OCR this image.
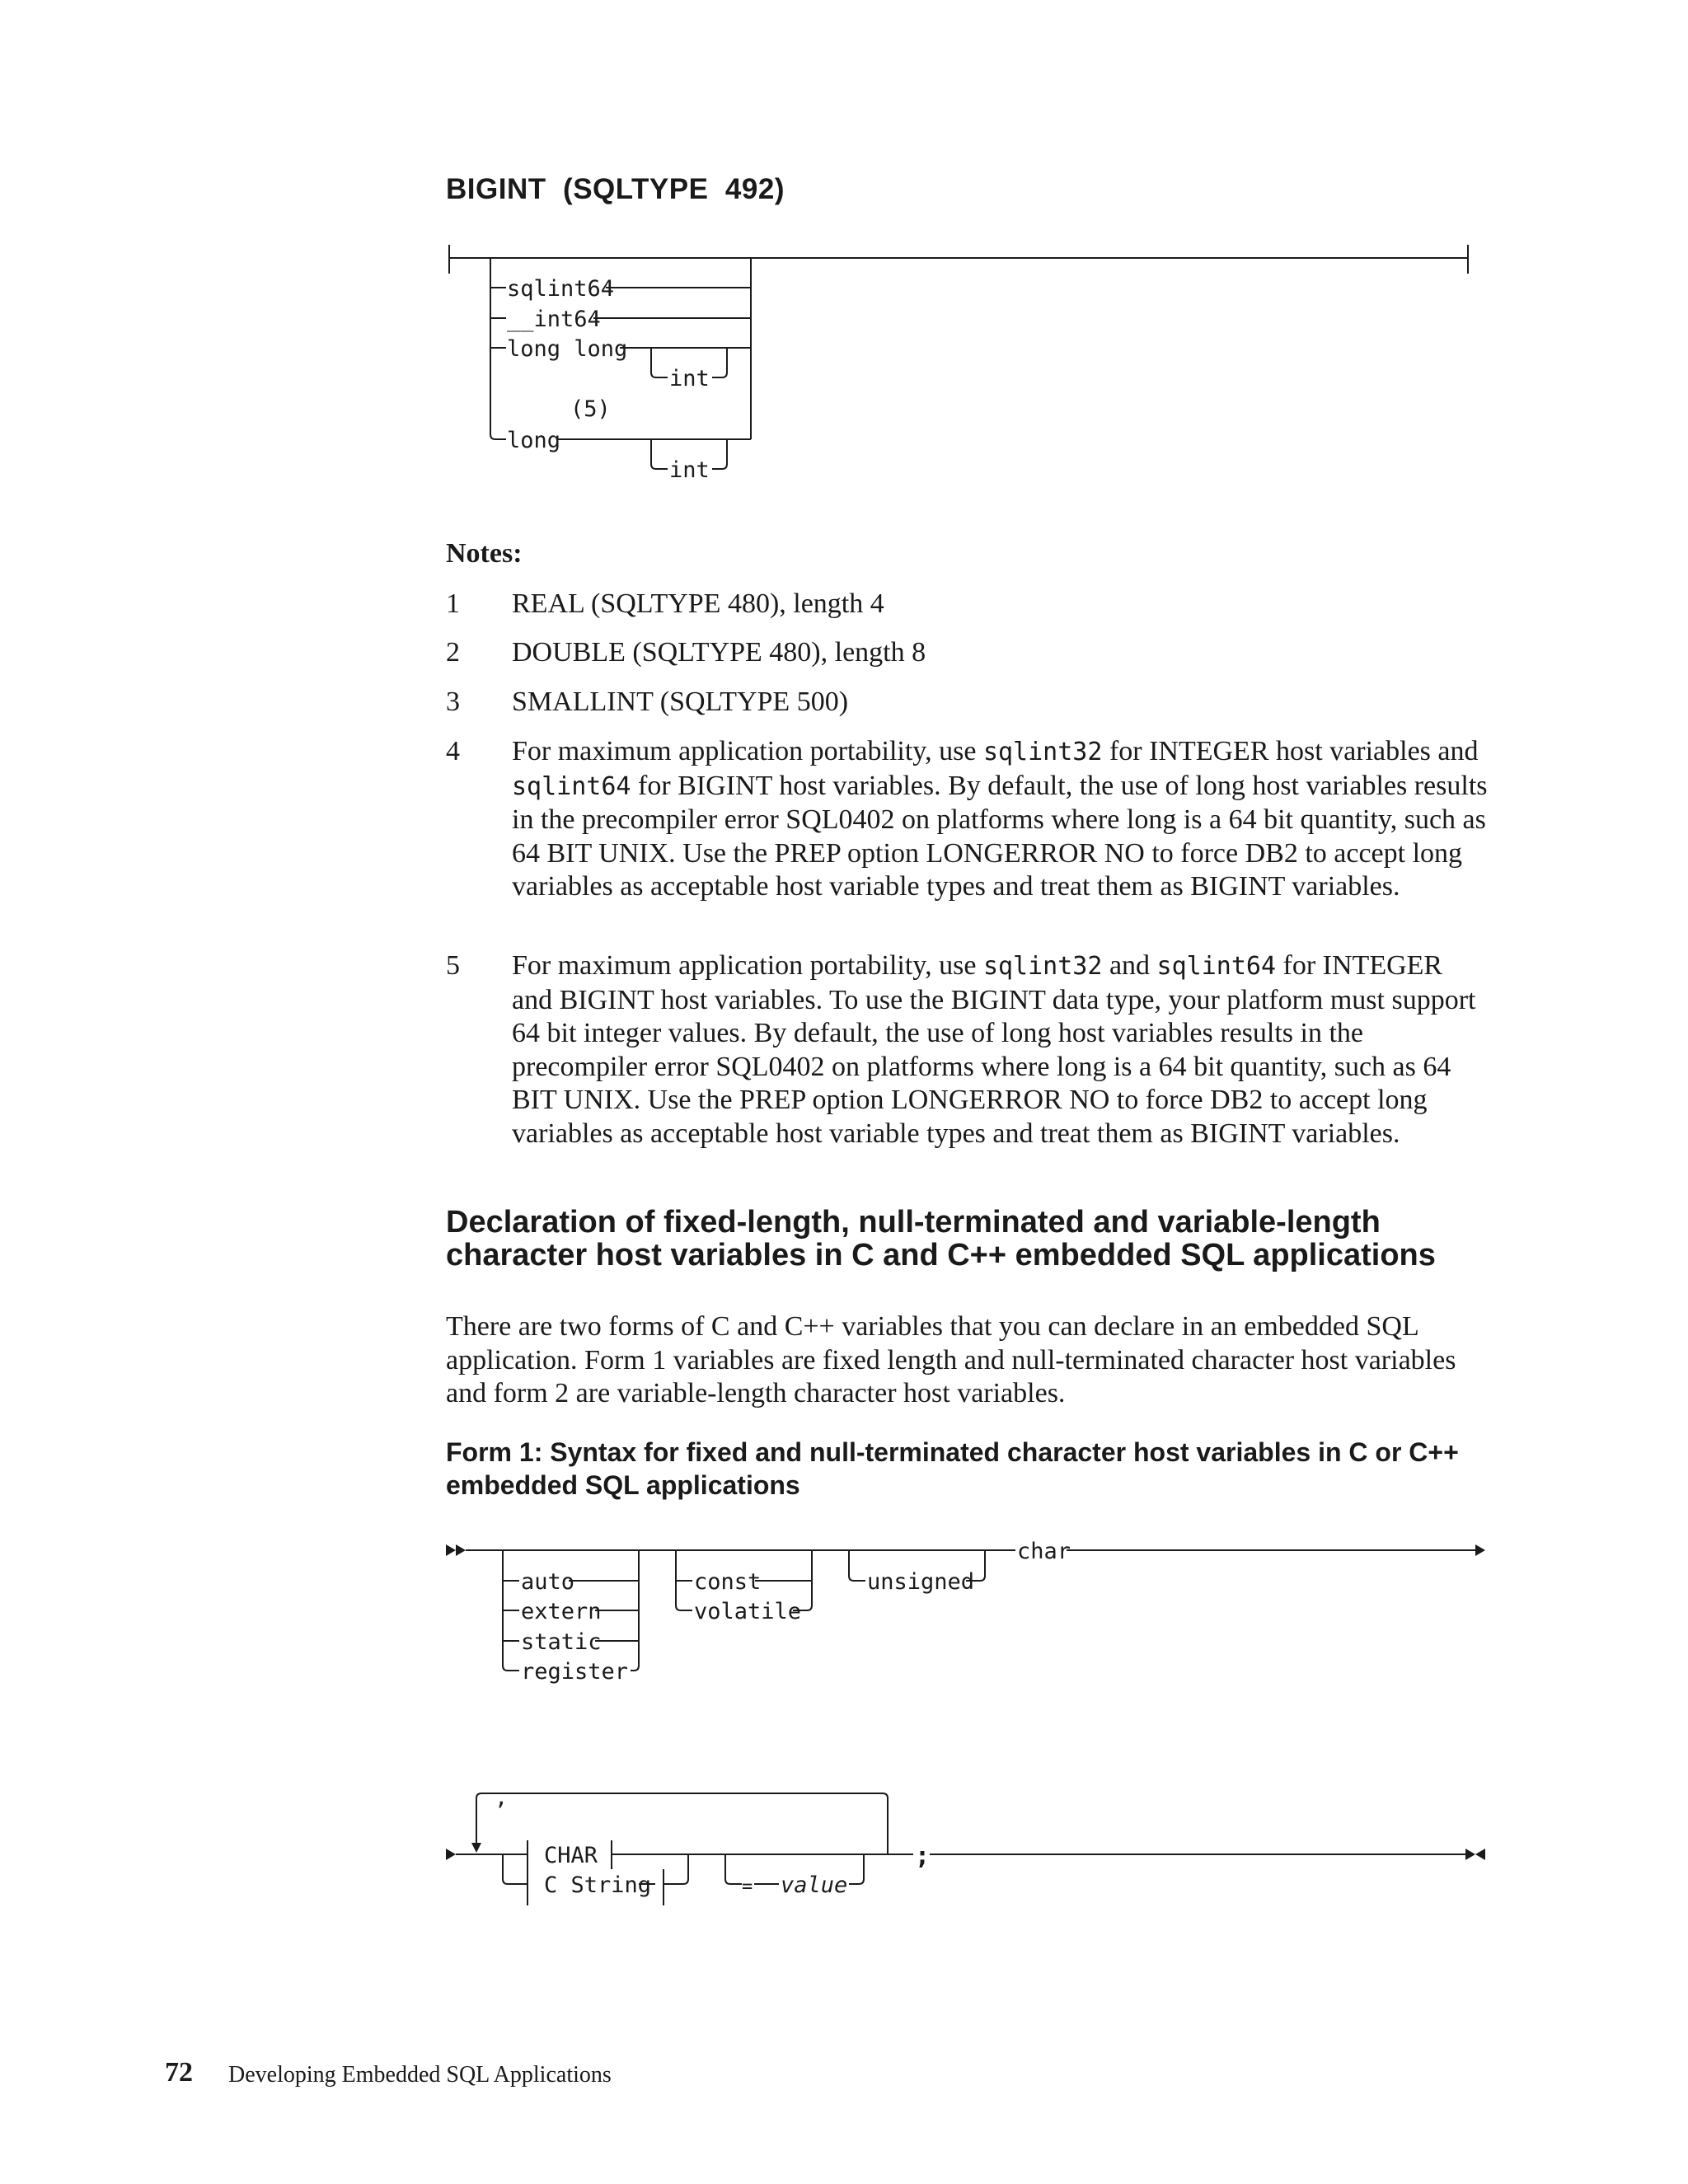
BIGINT  (SQLTYPE  492)
sqlint64
__int64
long long
int
(5)
long
int
Notes:
1	REAL (SQLTYPE 480), length 4
2	DOUBLE (SQLTYPE 480), length 8
3	SMALLINT (SQLTYPE 500)
4	For maximum application portability, use sqlint32 for INTEGER host variables and sqlint64 for BIGINT host variables. By default, the use of long host variables results in the precompiler error SQL0402 on platforms where long is a 64 bit quantity, such as 64 BIT UNIX. Use the PREP option LONGERROR NO to force DB2 to accept long variables as acceptable host variable types and treat them as BIGINT variables.
5	For maximum application portability, use sqlint32 and sqlint64 for INTEGER and BIGINT host variables. To use the BIGINT data type, your platform must support 64 bit integer values. By default, the use of long host variables results in the precompiler error SQL0402 on platforms where long is a 64 bit quantity, such as 64 BIT UNIX. Use the PREP option LONGERROR NO to force DB2 to accept long variables as acceptable host variable types and treat them as BIGINT variables.
Declaration of fixed-length, null-terminated and variable-length character host variables in C and C++ embedded SQL applications
There are two forms of C and C++ variables that you can declare in an embedded SQL application. Form 1 variables are fixed length and null-terminated character host variables and form 2 are variable-length character host variables.
Form 1: Syntax for fixed and null-terminated character host variables in C or C++ embedded SQL applications
auto
extern
static
register
const
volatile
unsigned
char
,
CHAR
C String	= value
;
72 Developing Embedded SQL Applications
